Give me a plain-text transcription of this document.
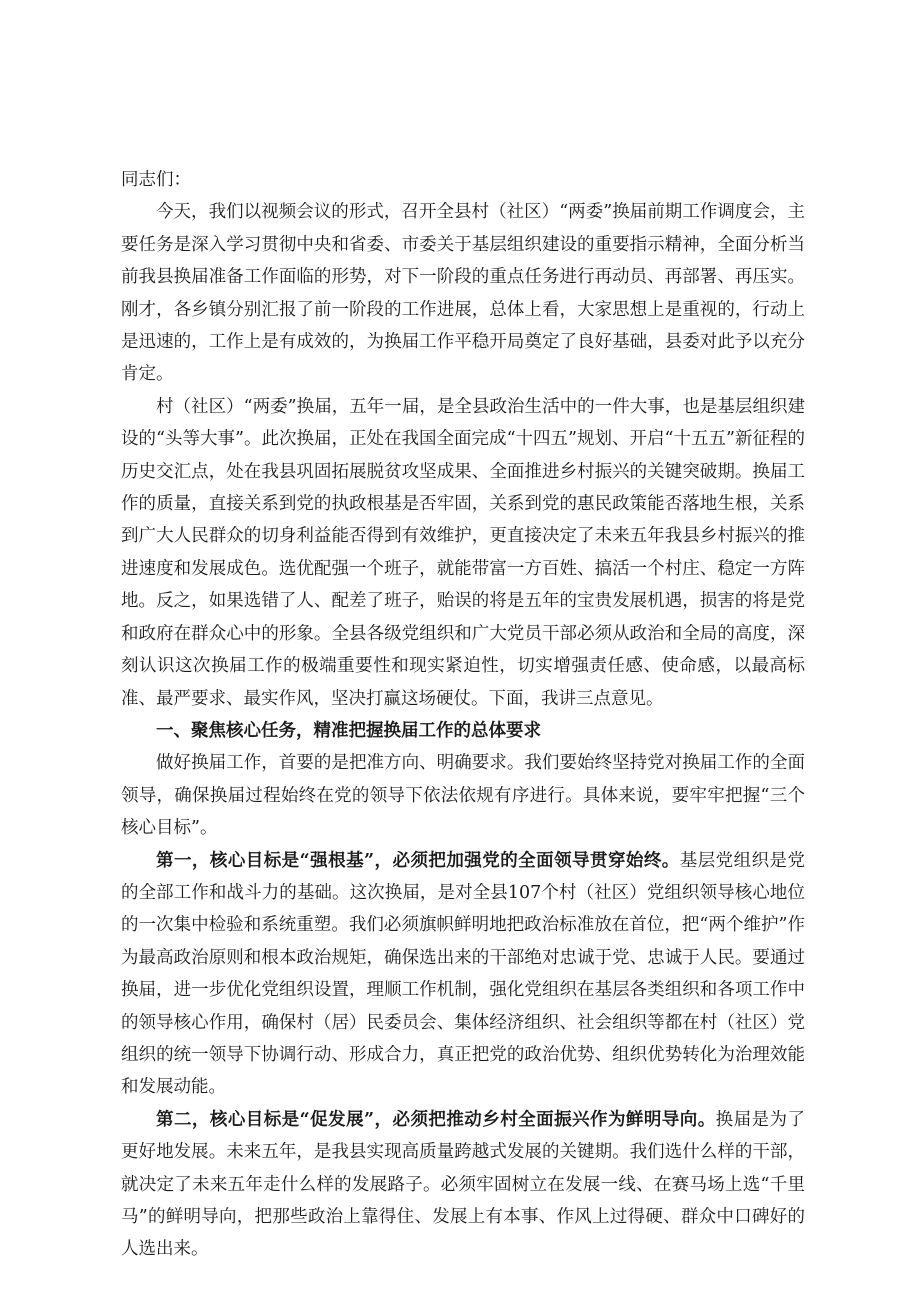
同志们：

今天，我们以视频会议的形式，召开全县村（社区）“两委”换届前期工作调度会，主要任务是深入学习贯彻中央和省委、市委关于基层组织建设的重要指示精神，全面分析当前我县换届准备工作面临的形势，对下一阶段的重点任务进行再动员、再部署、再压实。刚才，各乡镇分别汇报了前一阶段的工作进展，总体上看，大家思想上是重视的，行动上是迅速的，工作上是有成效的，为换届工作平稳开局奠定了良好基础，县委对此予以充分肯定。

村（社区）“两委”换届，五年一届，是全县政治生活中的一件大事，也是基层组织建设的“头等大事”。此次换届，正处在我国全面完成“十四五”规划、开启“十五五”新征程的历史交汇点，处在我县巩固拓展脱贫攻坚成果、全面推进乡村振兴的关键突破期。换届工作的质量，直接关系到党的执政根基是否牢固，关系到党的惠民政策能否落地生根，关系到广大人民群众的切身利益能否得到有效维护，更直接决定了未来五年我县乡村振兴的推进速度和发展成色。选优配强一个班子，就能带富一方百姓、搞活一个村庄、稳定一方阵地。反之，如果选错了人、配差了班子，贻误的将是五年的宝贵发展机遇，损害的将是党和政府在群众心中的形象。全县各级党组织和广大党员干部必须从政治和全局的高度，深刻认识这次换届工作的极端重要性和现实紧迫性，切实增强责任感、使命感，以最高标准、最严要求、最实作风，坚决打赢这场硬仗。下面，我讲三点意见。

一、聚焦核心任务，精准把握换届工作的总体要求

做好换届工作，首要的是把准方向、明确要求。我们要始终坚持党对换届工作的全面领导，确保换届过程始终在党的领导下依法依规有序进行。具体来说，要牢牢把握“三个核心目标”。

第一，核心目标是“强根基”，必须把加强党的全面领导贯穿始终。基层党组织是党的全部工作和战斗力的基础。这次换届，是对全县107个村（社区）党组织领导核心地位的一次集中检验和系统重塑。我们必须旗帜鲜明地把政治标准放在首位，把“两个维护”作为最高政治原则和根本政治规矩，确保选出来的干部绝对忠诚于党、忠诚于人民。要通过换届，进一步优化党组织设置，理顺工作机制，强化党组织在基层各类组织和各项工作中的领导核心作用，确保村（居）民委员会、集体经济组织、社会组织等都在村（社区）党组织的统一领导下协调行动、形成合力，真正把党的政治优势、组织优势转化为治理效能和发展动能。

第二，核心目标是“促发展”，必须把推动乡村全面振兴作为鲜明导向。换届是为了更好地发展。未来五年，是我县实现高质量跨越式发展的关键期。我们选什么样的干部，就决定了未来五年走什么样的发展路子。必须牢固树立在发展一线、在赛马场上选“千里马”的鲜明导向，把那些政治上靠得住、发展上有本事、作风上过得硬、群众中口碑好的人选出来。
